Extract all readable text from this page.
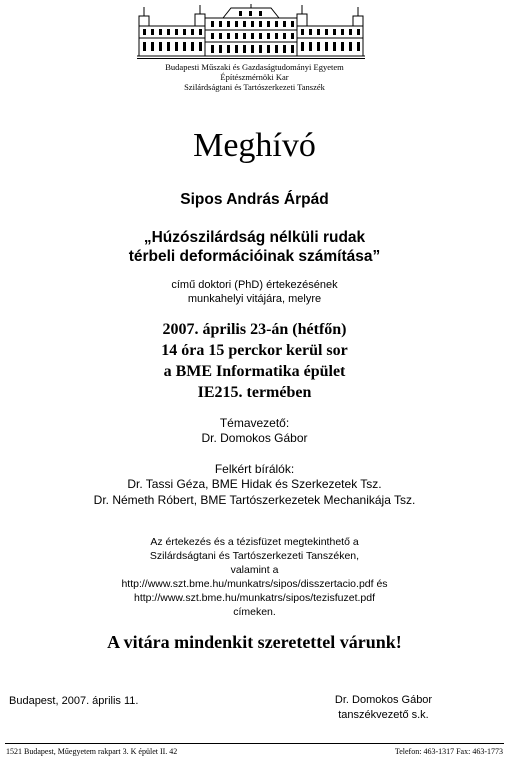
Budapesti Műszaki és Gazdaságtudományi Egyetem
Építészmérnöki Kar
Szilárdságtani és Tartószerkezeti Tanszék
Meghívó
Sipos András Árpád
„Húzószilárdság nélküli rudak
térbeli deformációinak számítása”
című doktori (PhD) értekezésének
munkahelyi vitájára, melyre
2007. április 23-án (hétfőn)
14 óra 15 perckor kerül sor
a BME Informatika épület
IE215. termében
Témavezető:
Dr. Domokos Gábor
Felkért bírálók:
Dr. Tassi Géza, BME Hidak és Szerkezetek Tsz.
Dr. Németh Róbert, BME Tartószerkezetek Mechanikája Tsz.
Az értekezés és a tézisfüzet megtekinthető a
Szilárdságtani és Tartószerkezeti Tanszéken,
valamint a
http://www.szt.bme.hu/munkatrs/sipos/disszertacio.pdf és
http://www.szt.bme.hu/munkatrs/sipos/tezisfuzet.pdf
címeken.
A vitára mindenkit szeretettel várunk!
Budapest, 2007. április 11.	Dr. Domokos Gábor
tanszékvezető s.k.
1521 Budapest, Műegyetem rakpart 3. K épület II. 42	Telefon: 463-1317 Fax: 463-1773
